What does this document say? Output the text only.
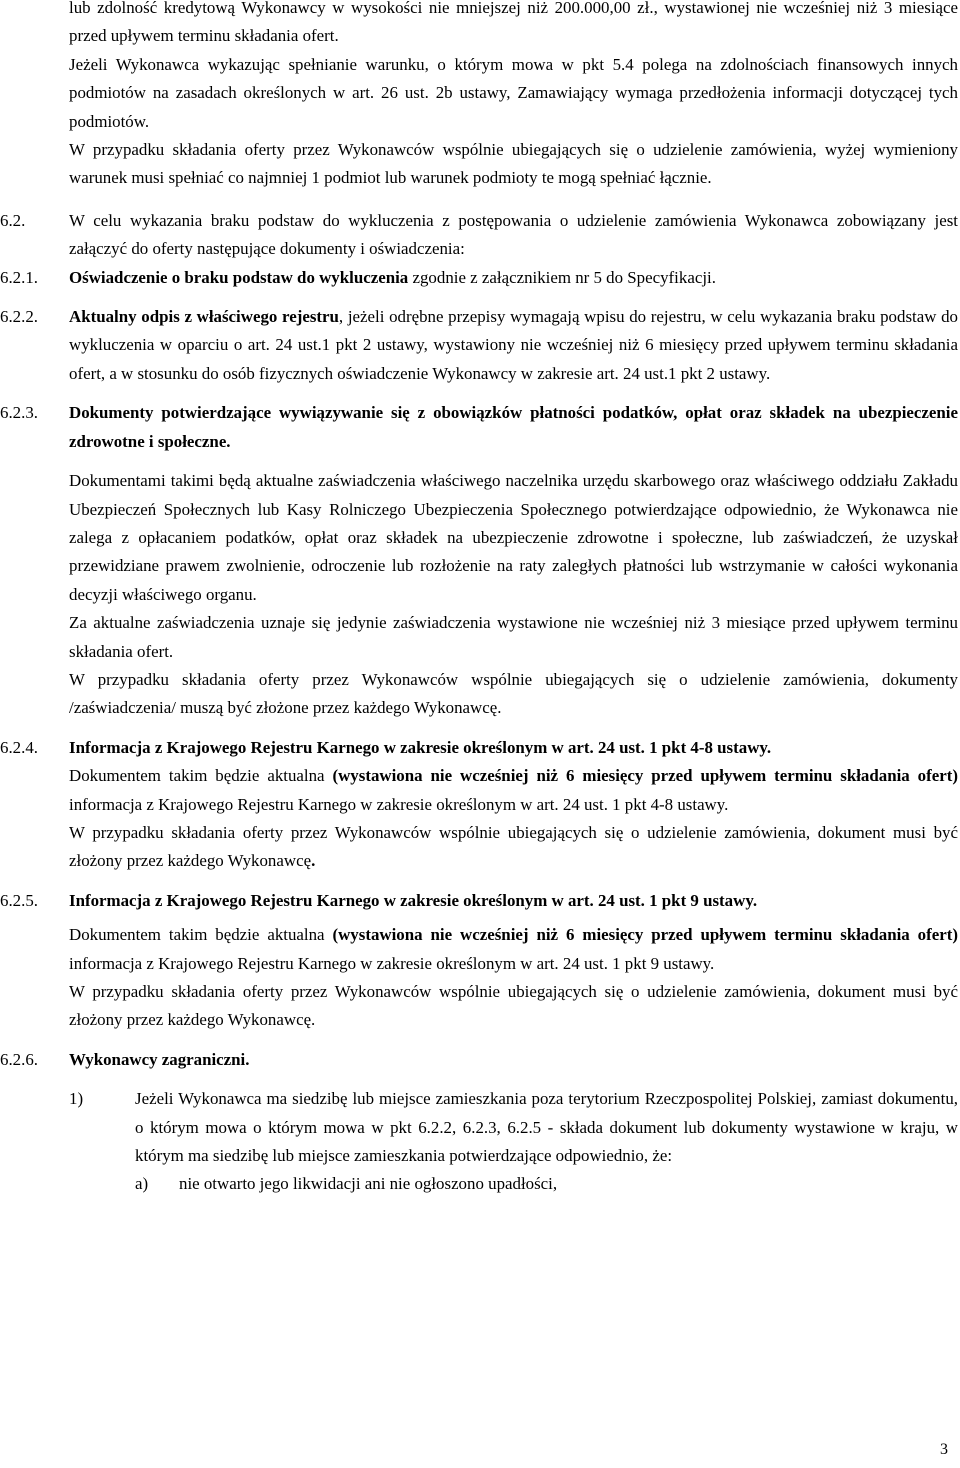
lub zdolność kredytową Wykonawcy w wysokości nie mniejszej niż 200.000,00 zł., wystawionej nie wcześniej niż 3 miesiące przed upływem terminu składania ofert.

Jeżeli Wykonawca wykazując spełnianie warunku, o którym mowa w pkt 5.4 polega na zdolnościach finansowych innych podmiotów na zasadach określonych w art. 26 ust. 2b ustawy, Zamawiający wymaga przedłożenia informacji dotyczącej tych podmiotów.

W przypadku składania oferty przez Wykonawców wspólnie ubiegających się o udzielenie zamówienia, wyżej wymieniony warunek musi spełniać co najmniej 1 podmiot lub warunek podmioty te mogą spełniać łącznie.

6.2.	W celu wykazania braku podstaw do wykluczenia z postępowania o udzielenie zamówienia Wykonawca zobowiązany jest załączyć do oferty następujące dokumenty i oświadczenia:

6.2.1.	Oświadczenie o braku podstaw do wykluczenia zgodnie z załącznikiem nr 5 do Specyfikacji.

6.2.2.	Aktualny odpis z właściwego rejestru, jeżeli odrębne przepisy wymagają wpisu do rejestru, w celu wykazania braku podstaw do wykluczenia w oparciu o art. 24 ust.1 pkt 2 ustawy, wystawiony nie wcześniej niż 6 miesięcy przed upływem terminu składania ofert, a w stosunku do osób fizycznych oświadczenie Wykonawcy w zakresie art. 24 ust.1 pkt 2 ustawy.

6.2.3.	Dokumenty potwierdzające wywiązywanie się z obowiązków płatności podatków, opłat oraz składek na ubezpieczenie zdrowotne i społeczne.

Dokumentami takimi będą aktualne zaświadczenia właściwego naczelnika urzędu skarbowego oraz właściwego oddziału Zakładu Ubezpieczeń Społecznych lub Kasy Rolniczego Ubezpieczenia Społecznego potwierdzające odpowiednio, że Wykonawca nie zalega z opłacaniem podatków, opłat oraz składek na ubezpieczenie zdrowotne i społeczne, lub zaświadczeń, że uzyskał przewidziane prawem zwolnienie, odroczenie lub rozłożenie na raty zaległych płatności lub wstrzymanie w całości wykonania decyzji właściwego organu.

Za aktualne zaświadczenia uznaje się jedynie zaświadczenia wystawione nie wcześniej niż 3 miesiące przed upływem terminu składania ofert.

W przypadku składania oferty przez Wykonawców wspólnie ubiegających się o udzielenie zamówienia, dokumenty /zaświadczenia/ muszą być złożone przez każdego Wykonawcę.

6.2.4.	Informacja z Krajowego Rejestru Karnego w zakresie określonym w art. 24 ust. 1 pkt 4-8 ustawy.

Dokumentem takim będzie aktualna (wystawiona nie wcześniej niż 6 miesięcy przed upływem terminu składania ofert) informacja z Krajowego Rejestru Karnego w zakresie określonym w art. 24 ust. 1 pkt 4-8 ustawy.

W przypadku składania oferty przez Wykonawców wspólnie ubiegających się o udzielenie zamówienia, dokument musi być złożony przez każdego Wykonawcę.

6.2.5.	Informacja z Krajowego Rejestru Karnego w zakresie określonym w art. 24 ust. 1 pkt 9 ustawy.

Dokumentem takim będzie aktualna (wystawiona nie wcześniej niż 6 miesięcy przed upływem terminu składania ofert) informacja z Krajowego Rejestru Karnego w zakresie określonym w art. 24 ust. 1 pkt 9 ustawy.

W przypadku składania oferty przez Wykonawców wspólnie ubiegających się o udzielenie zamówienia, dokument musi być złożony przez każdego Wykonawcę.

6.2.6.	Wykonawcy zagraniczni.

1)	Jeżeli Wykonawca ma siedzibę lub miejsce zamieszkania poza terytorium Rzeczpospolitej Polskiej, zamiast dokumentu, o którym mowa o którym mowa w pkt 6.2.2, 6.2.3, 6.2.5 - składa dokument lub dokumenty wystawione w kraju, w którym ma siedzibę lub miejsce zamieszkania potwierdzające odpowiednio, że:

a)	nie otwarto jego likwidacji ani nie ogłoszono upadłości,

3
